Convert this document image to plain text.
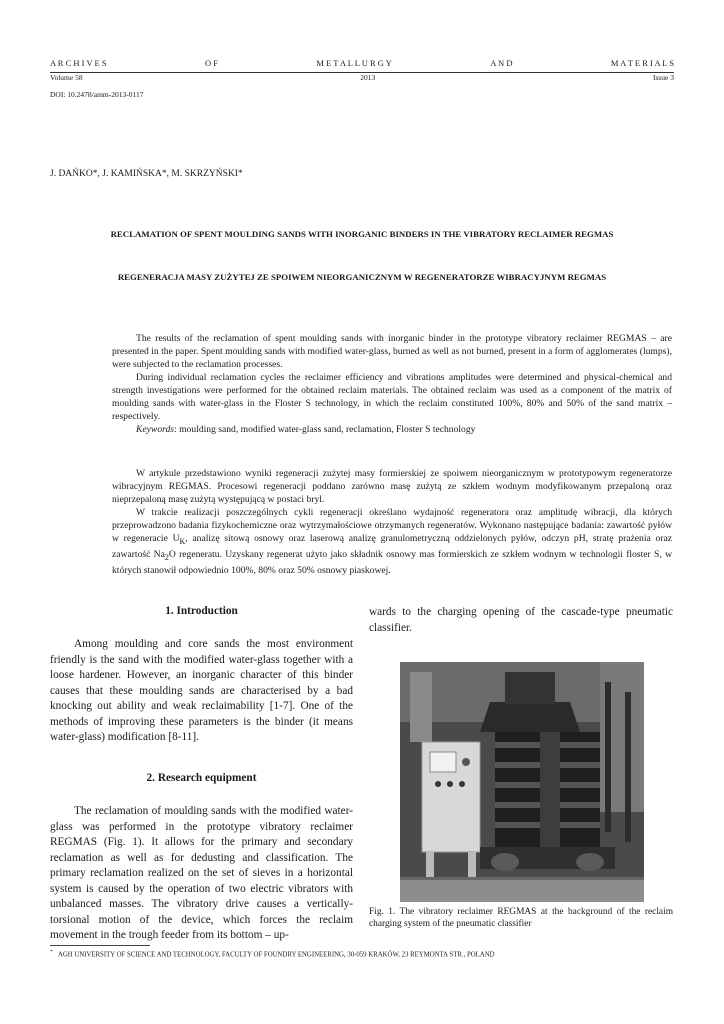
A R C H I V E S	O F	M E T A L L U R G Y	A N D	M A T E R I A L S
Volume 58	2013	Issue 3
DOI: 10.2478/amm-2013-0117
J. DAŃKO*, J. KAMIŃSKA*, M. SKRZYŃSKI*
RECLAMATION OF SPENT MOULDING SANDS WITH INORGANIC BINDERS IN THE VIBRATORY RECLAIMER REGMAS
REGENERACJA MASY ZUŻYTEJ ZE SPOIWEM NIEORGANICZNYM W REGENERATORZE WIBRACYJNYM REGMAS

The results of the reclamation of spent moulding sands with inorganic binder in the prototype vibratory reclaimer REGMAS – are presented in the paper. Spent moulding sands with modified water-glass, burned as well as not burned, present in a form of agglomerates (lumps), were subjected to the reclamation processes.

During individual reclamation cycles the reclaimer efficiency and vibrations amplitudes were determined and physical-chemical and strength investigations were performed for the obtained reclaim materials. The obtained reclaim was used as a component of the matrix of moulding sands with water-glass in the Floster S technology, in which the reclaim constituted 100%, 80% and 50% of the sand matrix – respectively.

Keywords: moulding sand, modified water-glass sand, reclamation, Floster S technology

W artykule przedstawiono wyniki regeneracji zużytej masy formierskiej ze spoiwem nieorganicznym w prototypowym regeneratorze wibracyjnym REGMAS. Procesowi regeneracji poddano zarówno masę zużytą ze szkłem wodnym modyfikowanym przepaloną oraz nieprzepaloną masę zużytą występującą w postaci bryl.

W trakcie realizacji poszczególnych cykli regeneracji określano wydajność regeneratora oraz amplitudę wibracji, dla których przeprowadzono badania fizykochemiczne oraz wytrzymałościowe otrzymanych regeneratów. Wykonano następujące badania: zawartość pyłów w regeneracie $U_K$, analizę sitową osnowy oraz laserową analizę granulometryczną oddzielonych pyłów, odczyn pH, stratę prażenia oraz zawartość $Na_2O$ regeneratu. Uzyskany regenerat użyto jako składnik osnowy mas formierskich ze szkłem wodnym w technologii floster S, w których stanowił odpowiednio 100%, 80% oraz 50% osnowy piaskowej.

1. Introduction

Among moulding and core sands the most environment friendly is the sand with the modified water-glass together with a loose hardener. However, an inorganic character of this binder causes that these moulding sands are characterised by a bad knocking out ability and weak reclaimability [1-7]. One of the methods of improving these parameters is the binder (it means water-glass) modification [8-11].

2. Research equipment

The reclamation of moulding sands with the modified water-glass was performed in the prototype vibratory reclaimer REGMAS (Fig. 1). It allows for the primary and secondary reclamation as well as for dedusting and classification. The primary reclamation realized on the set of sieves in a horizontal system is caused by the operation of two electric vibrators with unbalanced masses. The vibratory drive causes a vertically-torsional motion of the device, which forces the reclaim movement in the trough feeder from its bottom – up-

wards to the charging opening of the cascade-type pneumatic classifier.

Fig. 1. The vibratory reclaimer REGMAS at the background of the reclaim charging system of the pneumatic classifier
* AGH UNIVERSITY OF SCIENCE AND TECHNOLOGY, FACULTY OF FOUNDRY ENGINEERING, 30-059 KRAKÓW, 23 REYMONTA STR., POLAND
